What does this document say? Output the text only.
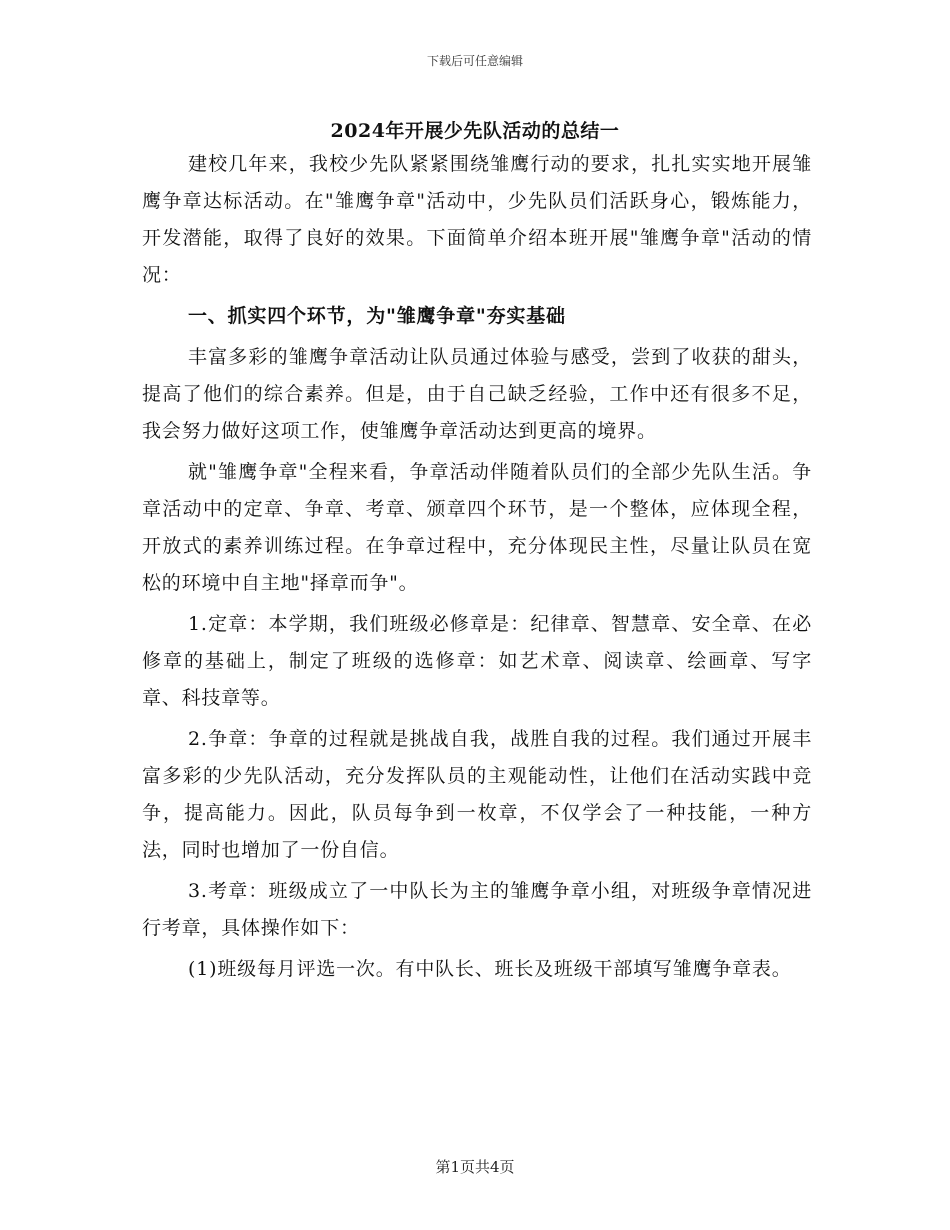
下载后可任意编辑
2024年开展少先队活动的总结一

建校几年来，我校少先队紧紧围绕雏鹰行动的要求，扎扎实实地开展雏鹰争章达标活动。在"雏鹰争章"活动中，少先队员们活跃身心，锻炼能力，开发潜能，取得了良好的效果。下面简单介绍本班开展"雏鹰争章"活动的情况：

一、抓实四个环节，为"雏鹰争章"夯实基础

丰富多彩的雏鹰争章活动让队员通过体验与感受，尝到了收获的甜头，提高了他们的综合素养。但是，由于自己缺乏经验，工作中还有很多不足，我会努力做好这项工作，使雏鹰争章活动达到更高的境界。

就"雏鹰争章"全程来看，争章活动伴随着队员们的全部少先队生活。争章活动中的定章、争章、考章、颁章四个环节，是一个整体，应体现全程，开放式的素养训练过程。在争章过程中，充分体现民主性，尽量让队员在宽松的环境中自主地"择章而争"。

1.定章：本学期，我们班级必修章是：纪律章、智慧章、安全章、在必修章的基础上，制定了班级的选修章：如艺术章、阅读章、绘画章、写字章、科技章等。

2.争章：争章的过程就是挑战自我，战胜自我的过程。我们通过开展丰富多彩的少先队活动，充分发挥队员的主观能动性，让他们在活动实践中竞争，提高能力。因此，队员每争到一枚章，不仅学会了一种技能，一种方法，同时也增加了一份自信。

3.考章：班级成立了一中队长为主的雏鹰争章小组，对班级争章情况进行考章，具体操作如下：

(1)班级每月评选一次。有中队长、班长及班级干部填写雏鹰争章表。

第1页共4页
